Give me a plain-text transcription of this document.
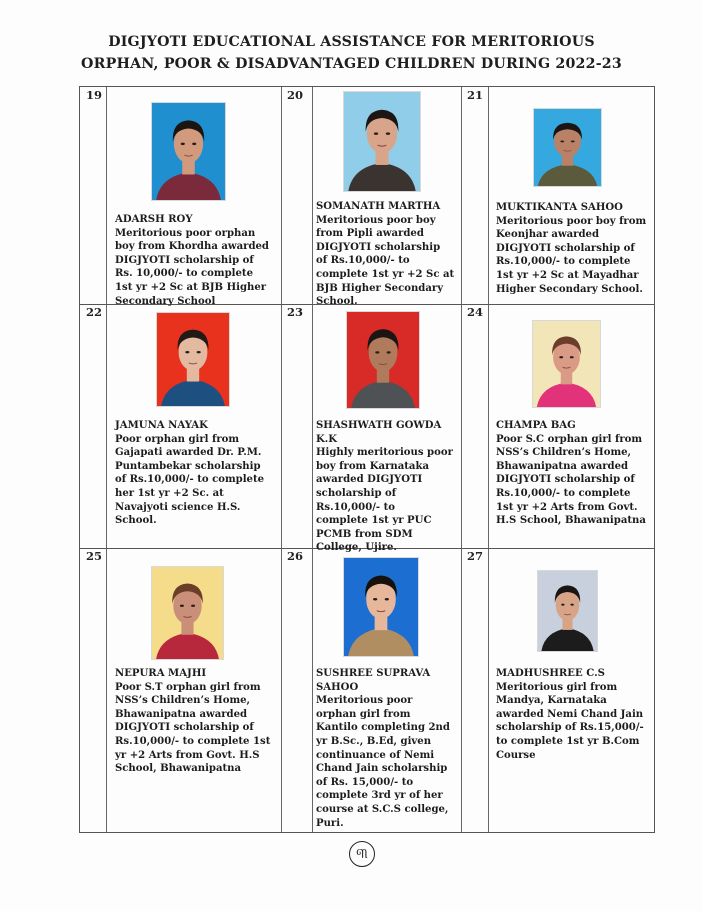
DIGJYOTI EDUCATIONAL ASSISTANCE FOR MERITORIOUS
ORPHAN, POOR & DISADVANTAGED CHILDREN DURING 2022-23
19
ADARSH ROY
Meritorious poor orphan
boy from Khordha awarded
DIGJYOTI scholarship of
Rs. 10,000/- to complete
1st yr +2 Sc at BJB Higher
Secondary School
20
SOMANATH MARTHA
Meritorious poor boy
from Pipli awarded
DIGJYOTI scholarship
of Rs.10,000/- to
complete 1st yr +2 Sc at
BJB Higher Secondary
School.
21
MUKTIKANTA SAHOO
Meritorious poor boy from
Keonjhar awarded
DIGJYOTI scholarship of
Rs.10,000/- to complete
1st yr +2 Sc at Mayadhar
Higher Secondary School.
22
JAMUNA NAYAK
Poor orphan girl from
Gajapati awarded Dr. P.M.
Puntambekar scholarship
of Rs.10,000/- to complete
her 1st yr +2 Sc. at
Navajyoti science H.S.
School.
23
SHASHWATH GOWDA
K.K
Highly meritorious poor
boy from Karnataka
awarded DIGJYOTI
scholarship of
Rs.10,000/- to
complete 1st yr PUC
PCMB from SDM
College, Ujire.
24
CHAMPA BAG
Poor S.C orphan girl from
NSS’s Children’s Home,
Bhawanipatna awarded
DIGJYOTI scholarship of
Rs.10,000/- to complete
1st yr +2 Arts from Govt.
H.S School, Bhawanipatna
25
NEPURA MAJHI
Poor S.T orphan girl from
NSS’s Children’s Home,
Bhawanipatna awarded
DIGJYOTI scholarship of
Rs.10,000/- to complete 1st
yr +2 Arts from Govt. H.S
School, Bhawanipatna
26
SUSHREE SUPRAVA
SAHOO
Meritorious poor
orphan girl from
Kantilo completing 2nd
yr B.Sc., B.Ed, given
continuance of Nemi
Chand Jain scholarship
of Rs. 15,000/- to
complete 3rd yr of her
course at S.C.S college,
Puri.
27
MADHUSHREE C.S
Meritorious girl from
Mandya, Karnataka
awarded Nemi Chand Jain
scholarship of Rs.15,000/-
to complete 1st yr B.Com
Course
୩
